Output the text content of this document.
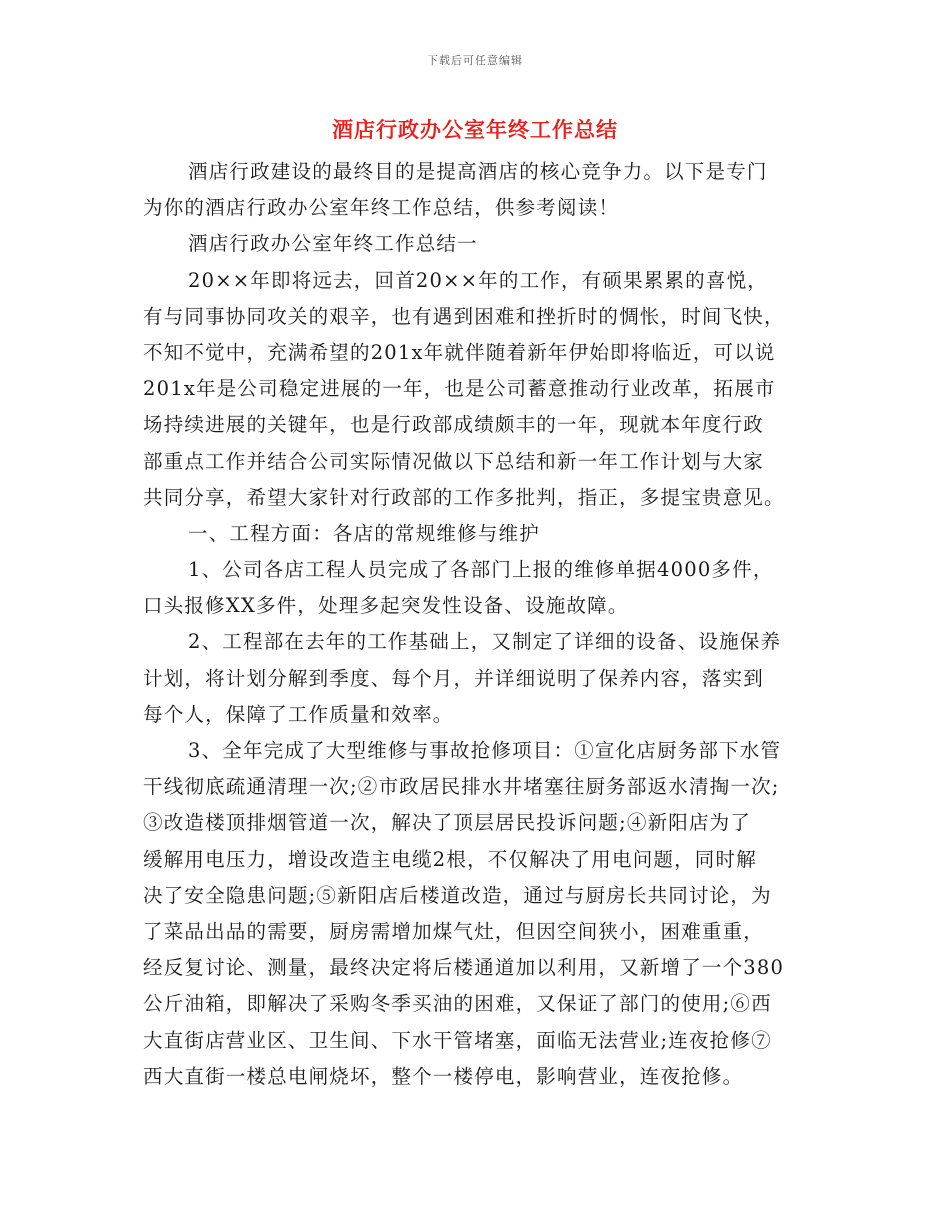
下载后可任意编辑
酒店行政办公室年终工作总结
酒店行政建设的最终目的是提高酒店的核心竞争力。以下是专门
为你的酒店行政办公室年终工作总结，供参考阅读！
酒店行政办公室年终工作总结一
20××年即将远去，回首20××年的工作，有硕果累累的喜悦，
有与同事协同攻关的艰辛，也有遇到困难和挫折时的惆怅，时间飞快，
不知不觉中，充满希望的201x年就伴随着新年伊始即将临近，可以说
201x年是公司稳定进展的一年，也是公司蓄意推动行业改革，拓展市
场持续进展的关键年，也是行政部成绩颇丰的一年，现就本年度行政
部重点工作并结合公司实际情况做以下总结和新一年工作计划与大家
共同分享，希望大家针对行政部的工作多批判，指正，多提宝贵意见。
一、工程方面：各店的常规维修与维护
1、公司各店工程人员完成了各部门上报的维修单据4000多件，
口头报修XX多件，处理多起突发性设备、设施故障。
2、工程部在去年的工作基础上，又制定了详细的设备、设施保养
计划，将计划分解到季度、每个月，并详细说明了保养内容，落实到
每个人，保障了工作质量和效率。
3、全年完成了大型维修与事故抢修项目：①宣化店厨务部下水管
干线彻底疏通清理一次;②市政居民排水井堵塞往厨务部返水清掏一次;
③改造楼顶排烟管道一次，解决了顶层居民投诉问题;④新阳店为了
缓解用电压力，增设改造主电缆2根，不仅解决了用电问题，同时解
决了安全隐患问题;⑤新阳店后楼道改造，通过与厨房长共同讨论，为
了菜品出品的需要，厨房需增加煤气灶，但因空间狭小，困难重重，
经反复讨论、测量，最终决定将后楼通道加以利用，又新增了一个380
公斤油箱，即解决了采购冬季买油的困难，又保证了部门的使用;⑥西
大直街店营业区、卫生间、下水干管堵塞，面临无法营业;连夜抢修⑦
西大直街一楼总电闸烧坏，整个一楼停电，影响营业，连夜抢修。
